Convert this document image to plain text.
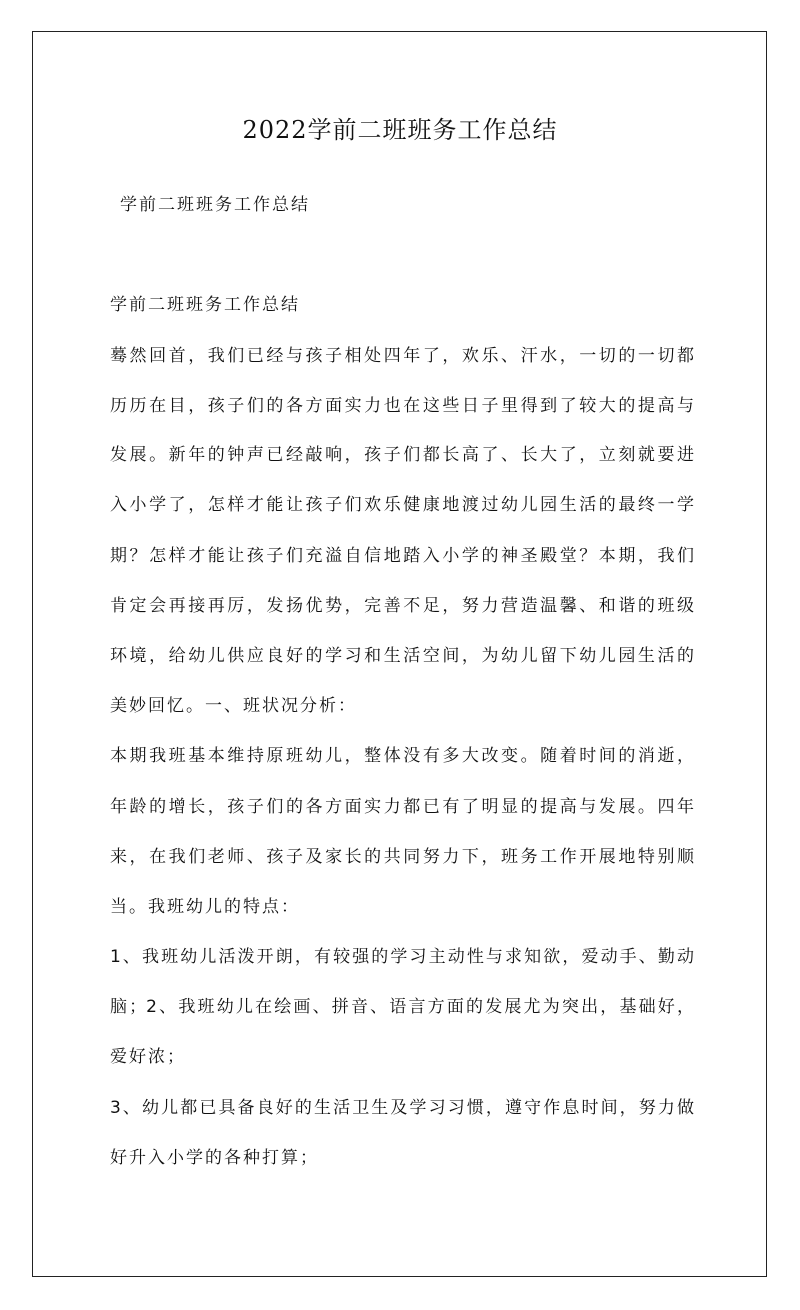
2022学前二班班务工作总结
学前二班班务工作总结
学前二班班务工作总结
蓦然回首，我们已经与孩子相处四年了，欢乐、汗水，一切的一切都
历历在目，孩子们的各方面实力也在这些日子里得到了较大的提高与
发展。新年的钟声已经敲响，孩子们都长高了、长大了，立刻就要进
入小学了，怎样才能让孩子们欢乐健康地渡过幼儿园生活的最终一学
期？怎样才能让孩子们充溢自信地踏入小学的神圣殿堂？本期，我们
肯定会再接再厉，发扬优势，完善不足，努力营造温馨、和谐的班级
环境，给幼儿供应良好的学习和生活空间，为幼儿留下幼儿园生活的
美妙回忆。一、班状况分析：
本期我班基本维持原班幼儿，整体没有多大改变。随着时间的消逝，
年龄的增长，孩子们的各方面实力都已有了明显的提高与发展。四年
来，在我们老师、孩子及家长的共同努力下，班务工作开展地特别顺
当。我班幼儿的特点：
1、我班幼儿活泼开朗，有较强的学习主动性与求知欲，爱动手、勤动
脑；2、我班幼儿在绘画、拼音、语言方面的发展尤为突出，基础好，
爱好浓；
3、幼儿都已具备良好的生活卫生及学习习惯，遵守作息时间，努力做
好升入小学的各种打算；
